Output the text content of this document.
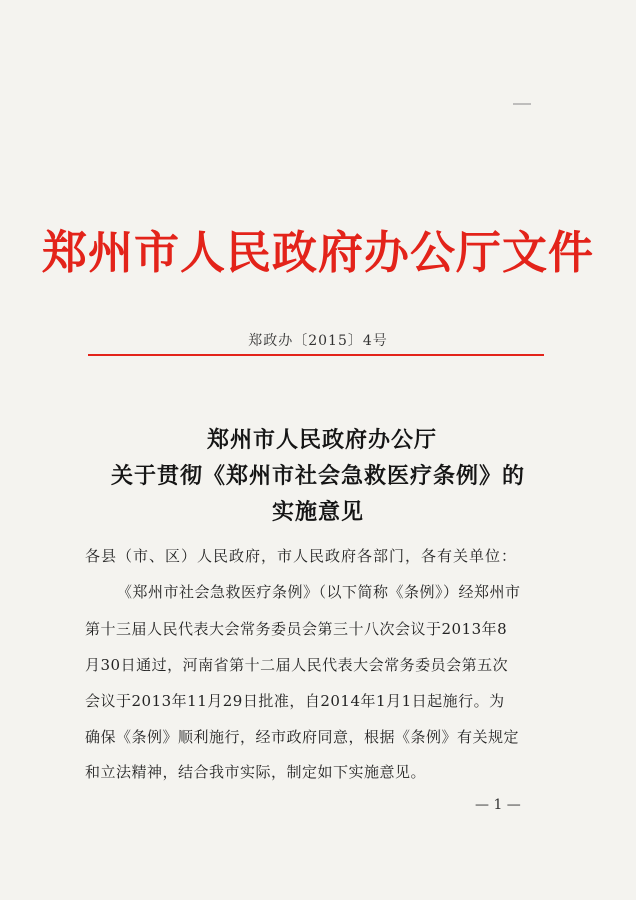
郑州市人民政府办公厅文件
郑政办〔2015〕4号
郑州市人民政府办公厅
关于贯彻《郑州市社会急救医疗条例》的
实施意见
各县（市、区）人民政府，市人民政府各部门，各有关单位：
《郑州市社会急救医疗条例》（以下简称《条例》）经郑州市
第十三届人民代表大会常务委员会第三十八次会议于2013年8
月30日通过，河南省第十二届人民代表大会常务委员会第五次
会议于2013年11月29日批准，自2014年1月1日起施行。为
确保《条例》顺利施行，经市政府同意，根据《条例》有关规定
和立法精神，结合我市实际，制定如下实施意见。
— 1 —
